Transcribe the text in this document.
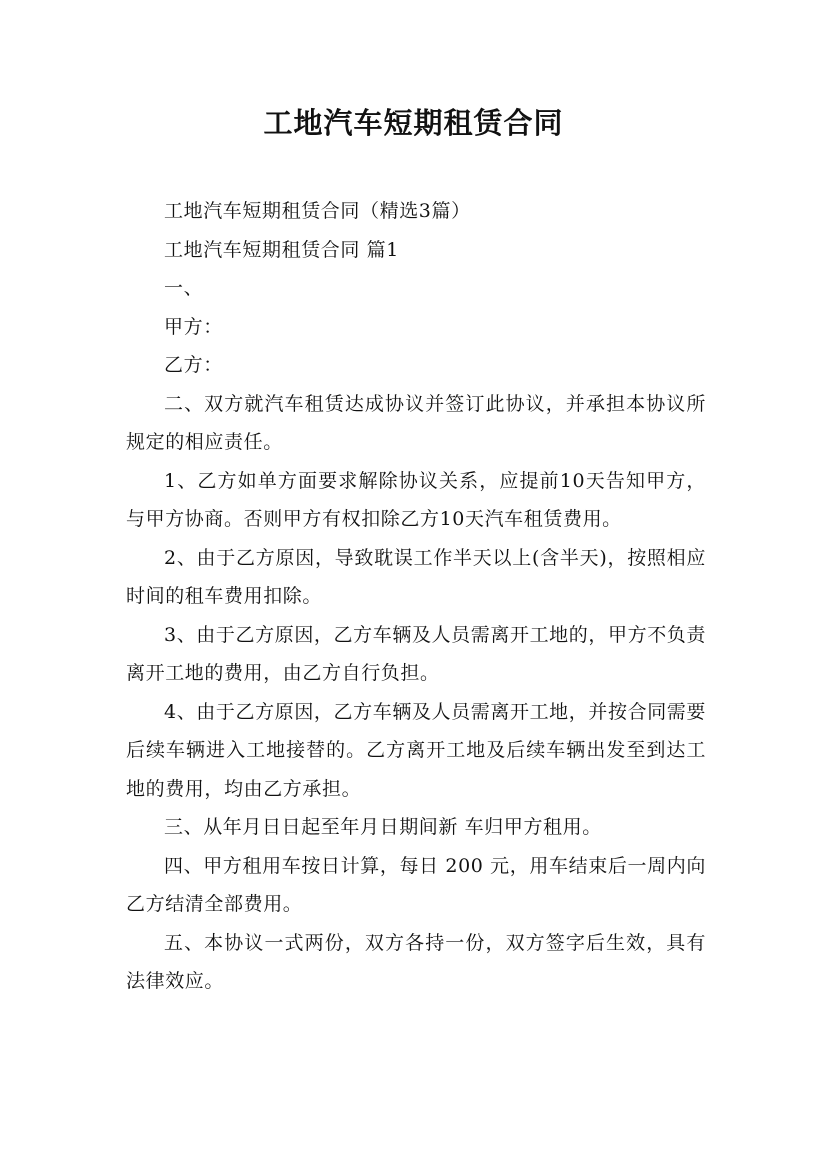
工地汽车短期租赁合同

工地汽车短期租赁合同（精选3篇）

工地汽车短期租赁合同 篇1

一、

甲方：

乙方：

二、双方就汽车租赁达成协议并签订此协议，并承担本协议所规定的相应责任。

1、乙方如单方面要求解除协议关系，应提前10天告知甲方，与甲方协商。否则甲方有权扣除乙方10天汽车租赁费用。

2、由于乙方原因，导致耽误工作半天以上(含半天)，按照相应时间的租车费用扣除。

3、由于乙方原因，乙方车辆及人员需离开工地的，甲方不负责离开工地的费用，由乙方自行负担。

4、由于乙方原因，乙方车辆及人员需离开工地，并按合同需要后续车辆进入工地接替的。乙方离开工地及后续车辆出发至到达工地的费用，均由乙方承担。

三、从年月日日起至年月日期间新 车归甲方租用。

四、甲方租用车按日计算，每日 200 元，用车结束后一周内向乙方结清全部费用。

五、本协议一式两份，双方各持一份，双方签字后生效，具有法律效应。
